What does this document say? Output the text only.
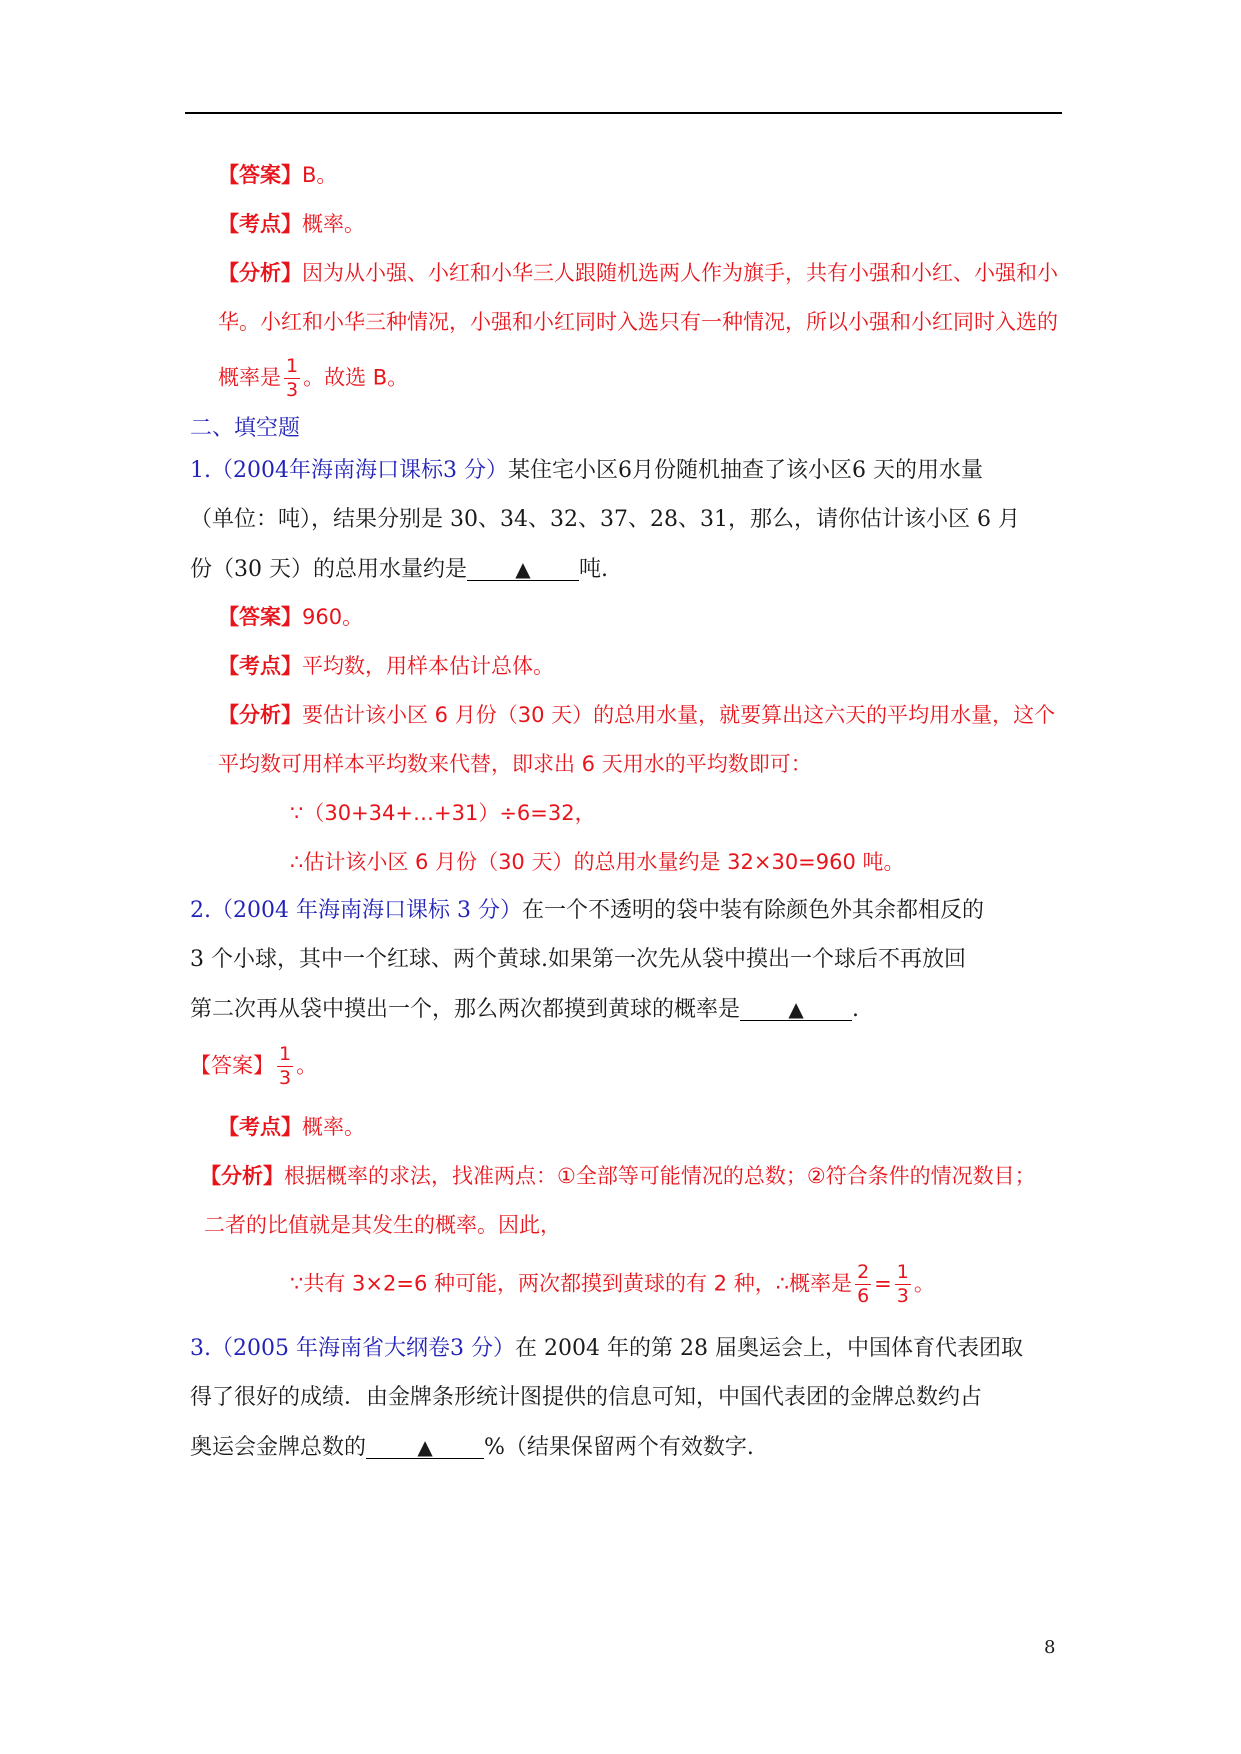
【答案】B。
【考点】概率。
【分析】因为从小强、小红和小华三人跟随机选两人作为旗手，共有小强和小红、小强和小
华。小红和小华三种情况，小强和小红同时入选只有一种情况，所以小强和小红同时入选的
概率是 $\frac{1}{3}$ 。故选 B。
二、填空题
1.（2004年海南海口课标3 分）某住宅小区6月份随机抽查了该小区6 天的用水量
（单位：吨），结果分别是 30、34、32、37、28、31，那么，请你估计该小区 6 月
份（30 天）的总用水量约是 ▲ 吨.
【答案】960。
【考点】平均数，用样本估计总体。
【分析】要估计该小区 6 月份（30 天）的总用水量，就要算出这六天的平均用水量，这个
平均数可用样本平均数来代替，即求出 6 天用水的平均数即可：
∵（30+34+…+31）÷6=32，
∴估计该小区 6 月份（30 天）的总用水量约是 32×30=960 吨。
2.（2004 年海南海口课标 3 分）在一个不透明的袋中装有除颜色外其余都相反的
3 个小球，其中一个红球、两个黄球.如果第一次先从袋中摸出一个球后不再放回
第二次再从袋中摸出一个，那么两次都摸到黄球的概率是 ▲ .
【答案】 $\frac{1}{3}$ 。
【考点】概率。
【分析】根据概率的求法，找准两点：①全部等可能情况的总数；②符合条件的情况数目；
二者的比值就是其发生的概率。因此，
∵共有 3×2=6 种可能，两次都摸到黄球的有 2 种，∴概率是 $\frac{2}{6} = \frac{1}{3}$ 。
3.（2005 年海南省大纲卷3 分）在 2004 年的第 28 届奥运会上，中国体育代表团取
得了很好的成绩．由金牌条形统计图提供的信息可知，中国代表团的金牌总数约占
奥运会金牌总数的	▲ %（结果保留两个有效数字.
8
